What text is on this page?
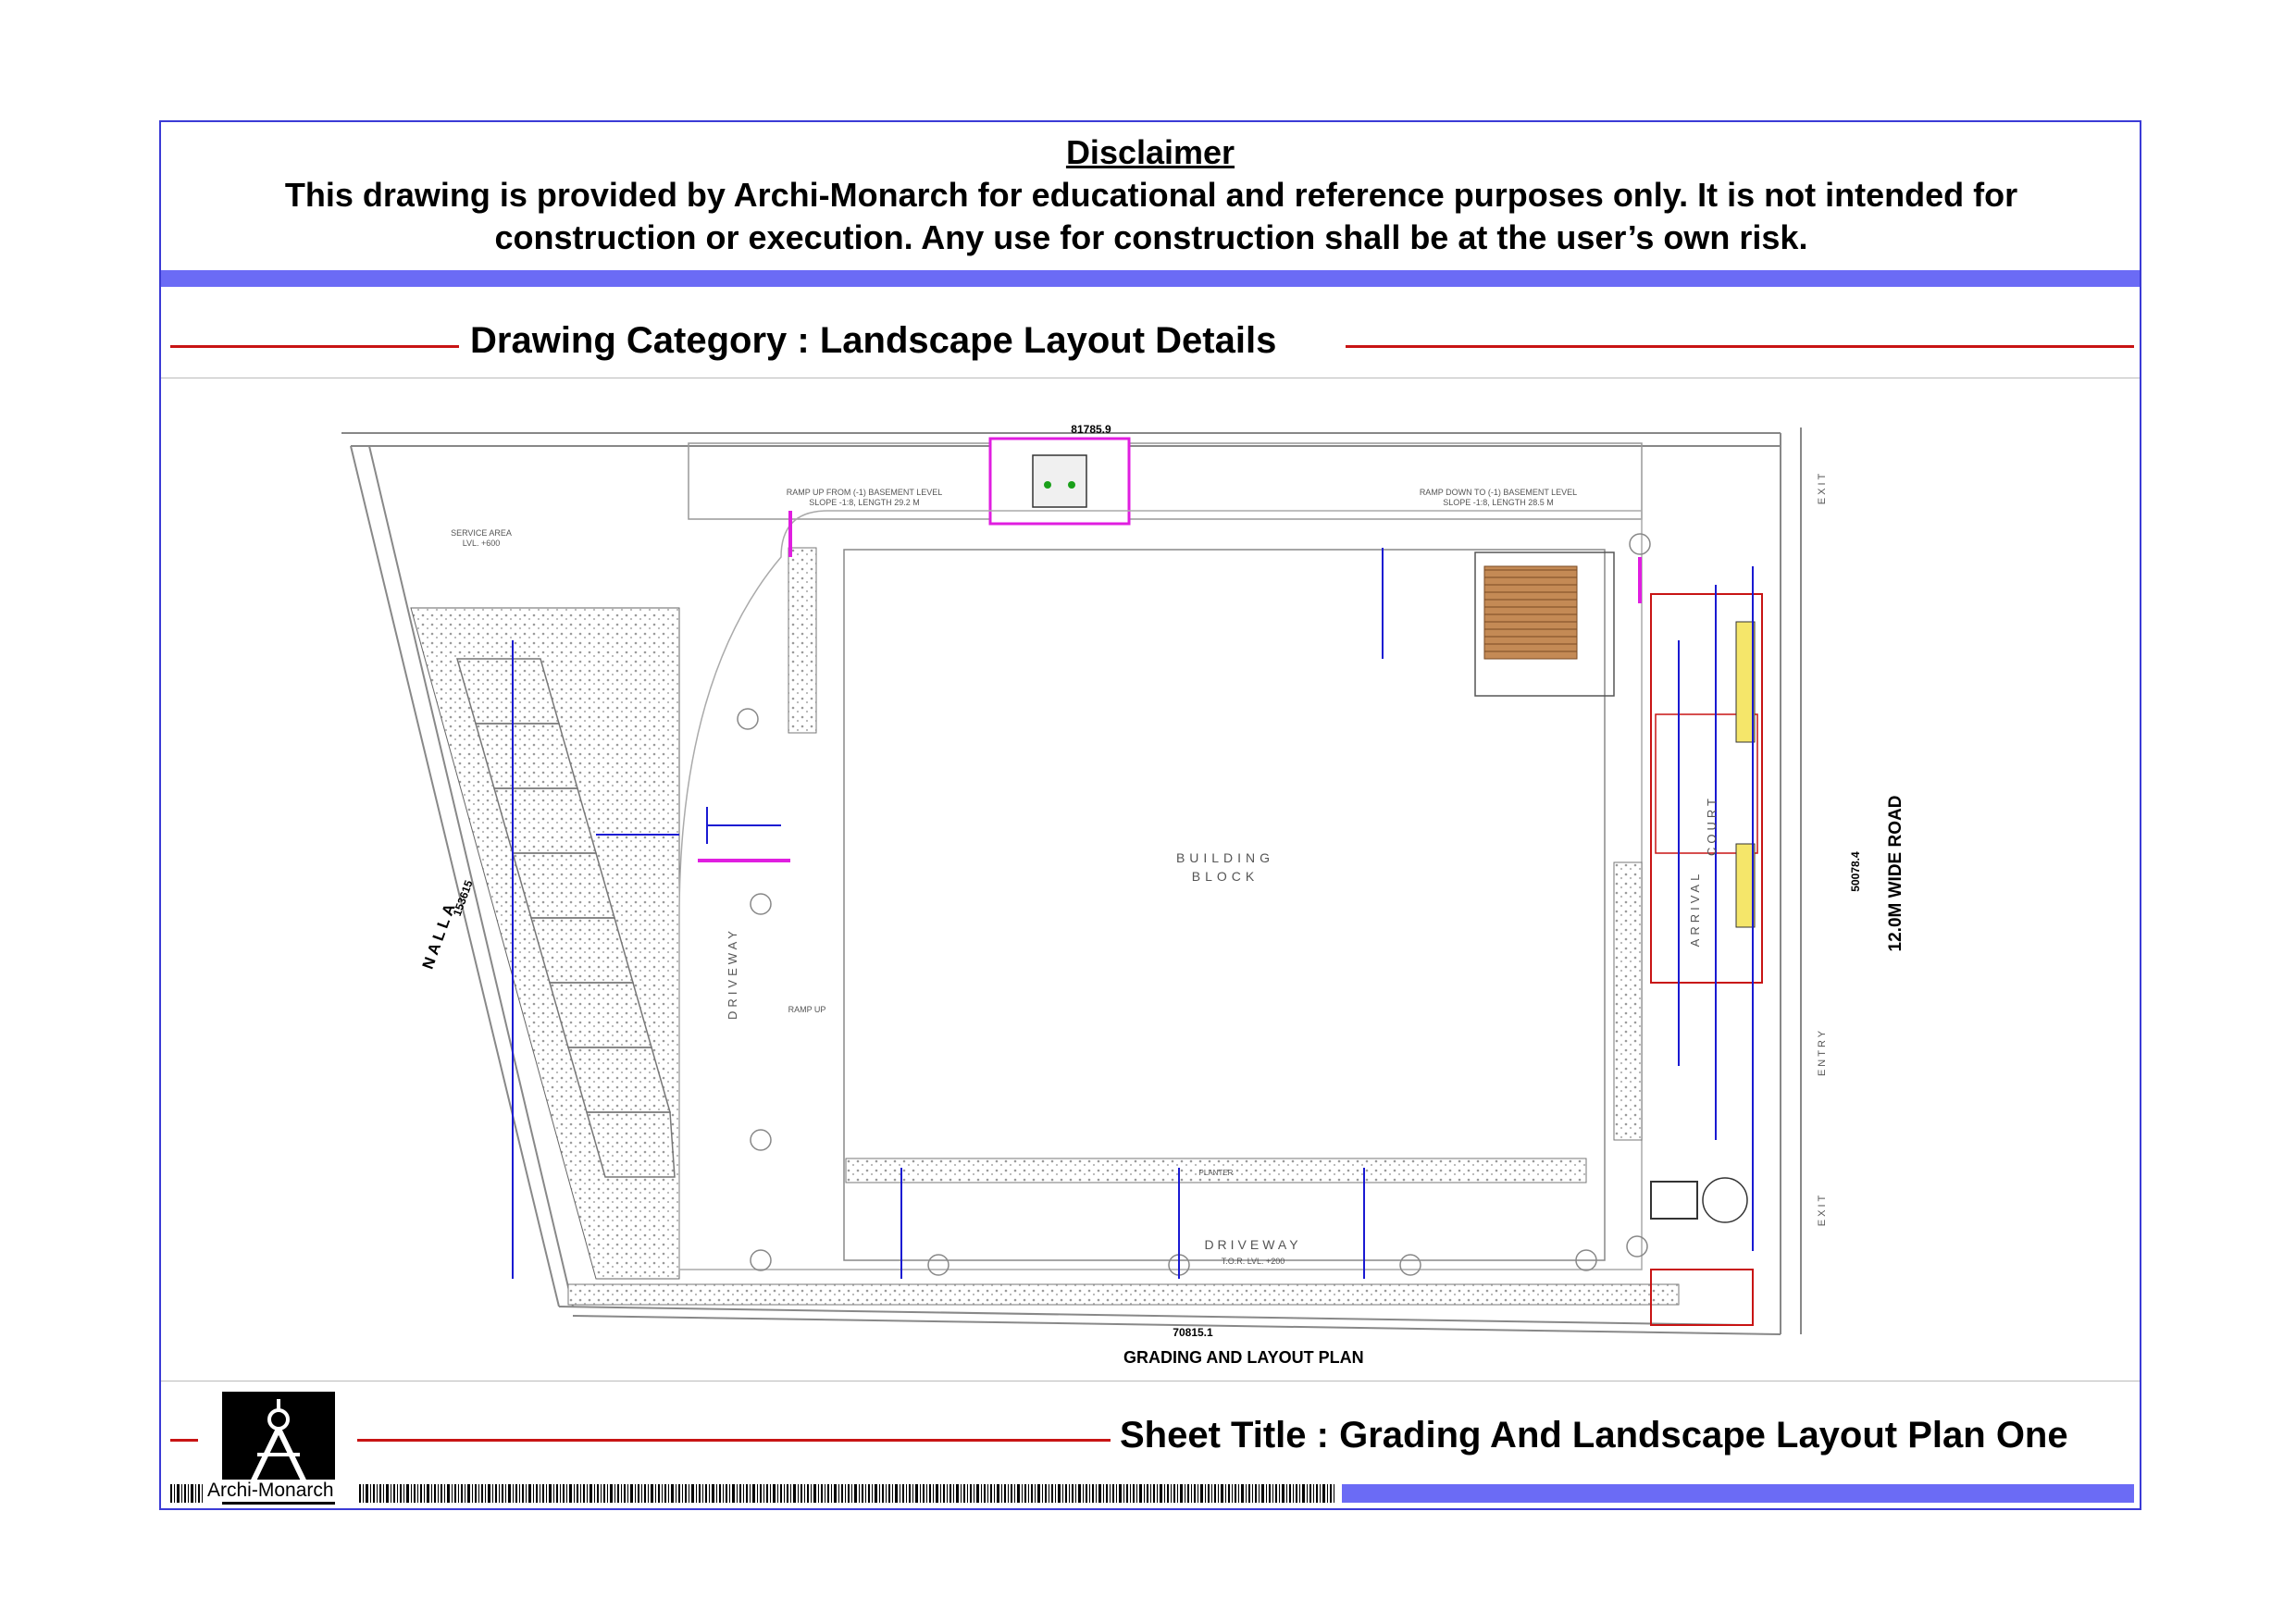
Disclaimer
This drawing is provided by Archi-Monarch for educational and reference purposes only. It is not intended for construction or execution. Any use for construction shall be at the user’s own risk.
Drawing Category : Landscape Layout Details
BUILDING
BLOCK
DRIVEWAY
T.O.R. LVL. +200
DRIVEWAY
SERVICE AREA
LVL. +600
RAMP UP FROM (-1) BASEMENT LEVEL
SLOPE -1:8, LENGTH 29.2 M
RAMP DOWN TO (-1) BASEMENT LEVEL
SLOPE -1:8, LENGTH 28.5 M
ARRIVAL
COURT
EXIT
ENTRY
EXIT
RAMP UP
PLANTER
NALLA
153615	12.0M WIDE ROAD
50078.4
81785.9
70815.1
GRADING AND LAYOUT PLAN
Archi-Monarch
Sheet Title : Grading And Landscape Layout Plan One
